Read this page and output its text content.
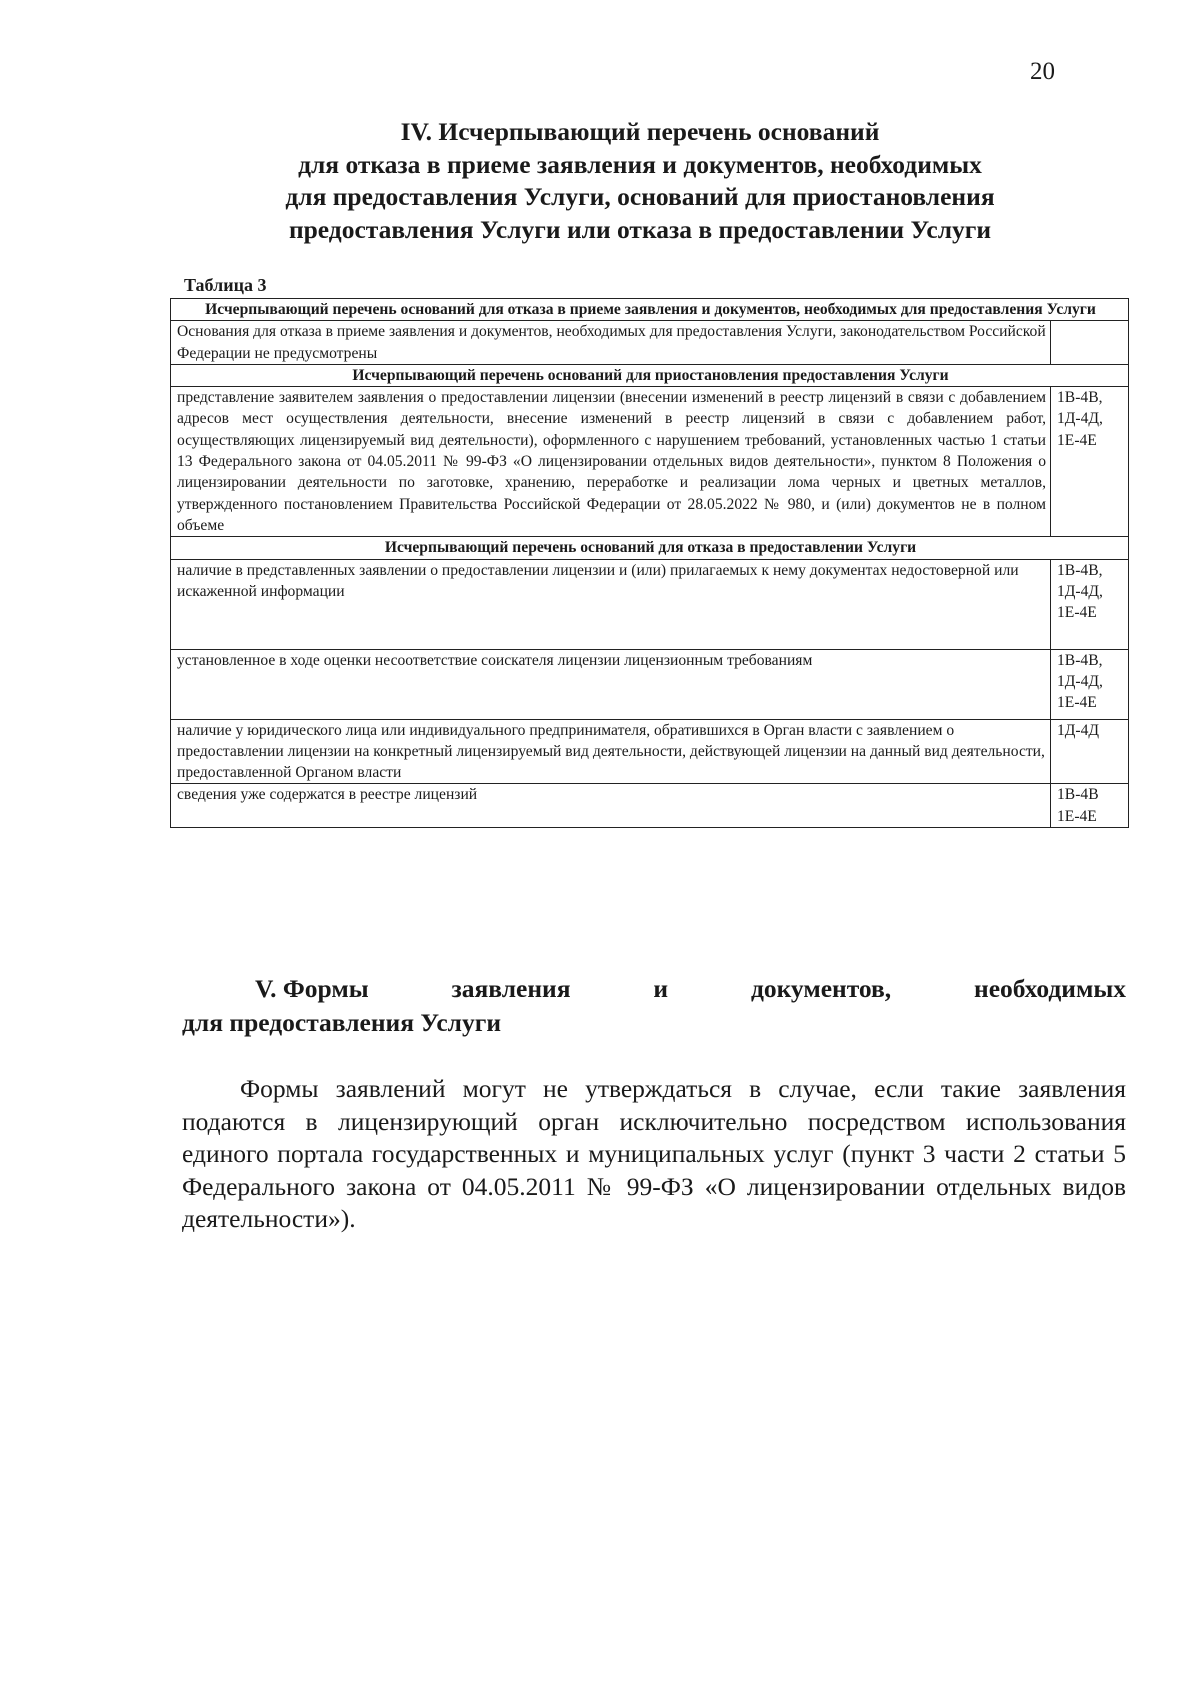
20
IV. Исчерпывающий перечень оснований
для отказа в приеме заявления и документов, необходимых
для предоставления Услуги, оснований для приостановления
предоставления Услуги или отказа в предоставлении Услуги
Таблица 3
Исчерпывающий перечень оснований для отказа в приеме заявления и документов, необходимых для предоставления Услуги	
Основания для отказа в приеме заявления и документов, необходимых для предоставления Услуги, законодательством Российской Федерации не предусмотрены	
Исчерпывающий перечень оснований для приостановления предоставления Услуги	
представление заявителем заявления о предоставлении лицензии (внесении изменений в реестр лицензий в связи с добавлением адресов мест осуществления деятельности, внесение изменений в реестр лицензий в связи с добавлением работ, осуществляющих лицензируемый вид деятельности), оформленного с нарушением требований, установленных частью 1 статьи 13 Федерального закона от 04.05.2011 № 99-ФЗ «О лицензировании отдельных видов деятельности», пунктом 8 Положения о лицензировании деятельности по заготовке, хранению, переработке и реализации лома черных и цветных металлов, утвержденного постановлением Правительства Российской Федерации от 28.05.2022 № 980, и (или) документов не в полном объеме	1В-4В, 1Д-4Д, 1Е-4Е
Исчерпывающий перечень оснований для отказа в предоставлении Услуги	
наличие в представленных заявлении о предоставлении лицензии и (или) прилагаемых к нему документах недостоверной или искаженной информации	1В-4В, 1Д-4Д, 1Е-4Е
установленное в ходе оценки несоответствие соискателя лицензии лицензионным требованиям	1В-4В, 1Д-4Д, 1Е-4Е
наличие у юридического лица или индивидуального предпринимателя, обратившихся в Орган власти с заявлением о предоставлении лицензии на конкретный лицензируемый вид деятельности, действующей лицензии на данный вид деятельности, предоставленной Органом власти	1Д-4Д
сведения уже содержатся в реестре лицензий	1В-4В 1Е-4Е
V. Формы	заявления	и	документов,	необходимых
для предоставления Услуги
Формы заявлений могут не утверждаться в случае, если такие заявления подаются в лицензирующий орган исключительно посредством использования единого портала государственных и муниципальных услуг (пункт 3 части 2 статьи 5 Федерального закона от 04.05.2011 № 99-ФЗ «О лицензировании отдельных видов деятельности»).
